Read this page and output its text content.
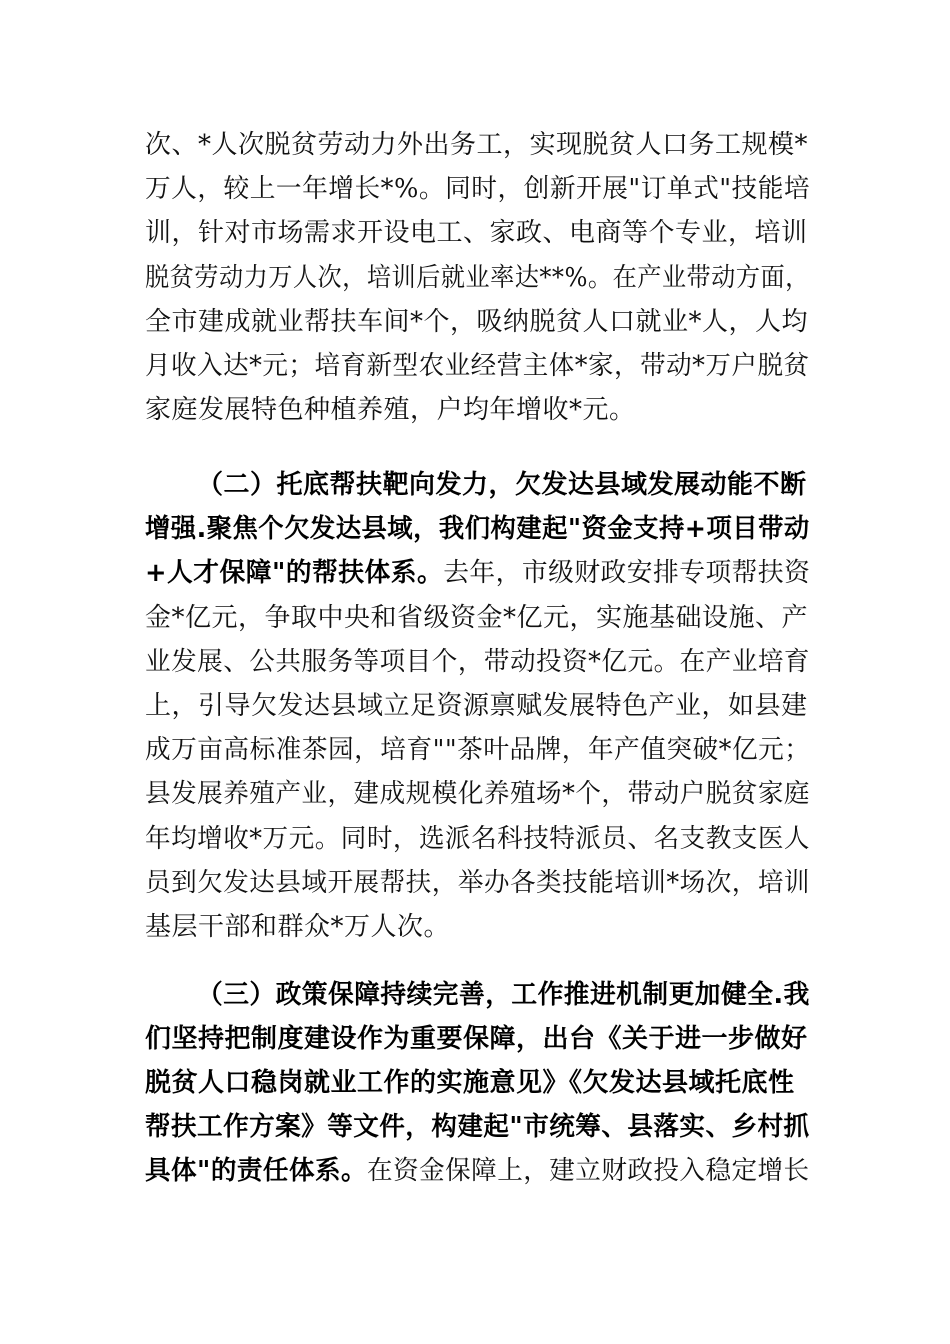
次、*人次脱贫劳动力外出务工，实现脱贫人口务工规模*
万人，较上一年增长*%。同时，创新开展"订单式"技能培
训，针对市场需求开设电工、家政、电商等个专业，培训
脱贫劳动力万人次，培训后就业率达**%。在产业带动方面，
全市建成就业帮扶车间*个，吸纳脱贫人口就业*人，人均
月收入达*元；培育新型农业经营主体*家，带动*万户脱贫
家庭发展特色种植养殖，户均年增收*元。
（二）托底帮扶靶向发力，欠发达县域发展动能不断
增强.聚焦个欠发达县域，我们构建起"资金支持+项目带动
+人才保障"的帮扶体系。去年，市级财政安排专项帮扶资
金*亿元，争取中央和省级资金*亿元，实施基础设施、产
业发展、公共服务等项目个，带动投资*亿元。在产业培育
上，引导欠发达县域立足资源禀赋发展特色产业，如县建
成万亩高标准茶园，培育""茶叶品牌，年产值突破*亿元；
县发展养殖产业，建成规模化养殖场*个，带动户脱贫家庭
年均增收*万元。同时，选派名科技特派员、名支教支医人
员到欠发达县域开展帮扶，举办各类技能培训*场次，培训
基层干部和群众*万人次。
（三）政策保障持续完善，工作推进机制更加健全.我
们坚持把制度建设作为重要保障，出台《关于进一步做好
脱贫人口稳岗就业工作的实施意见》《欠发达县域托底性
帮扶工作方案》等文件，构建起"市统筹、县落实、乡村抓
具体"的责任体系。在资金保障上，建立财政投入稳定增长
